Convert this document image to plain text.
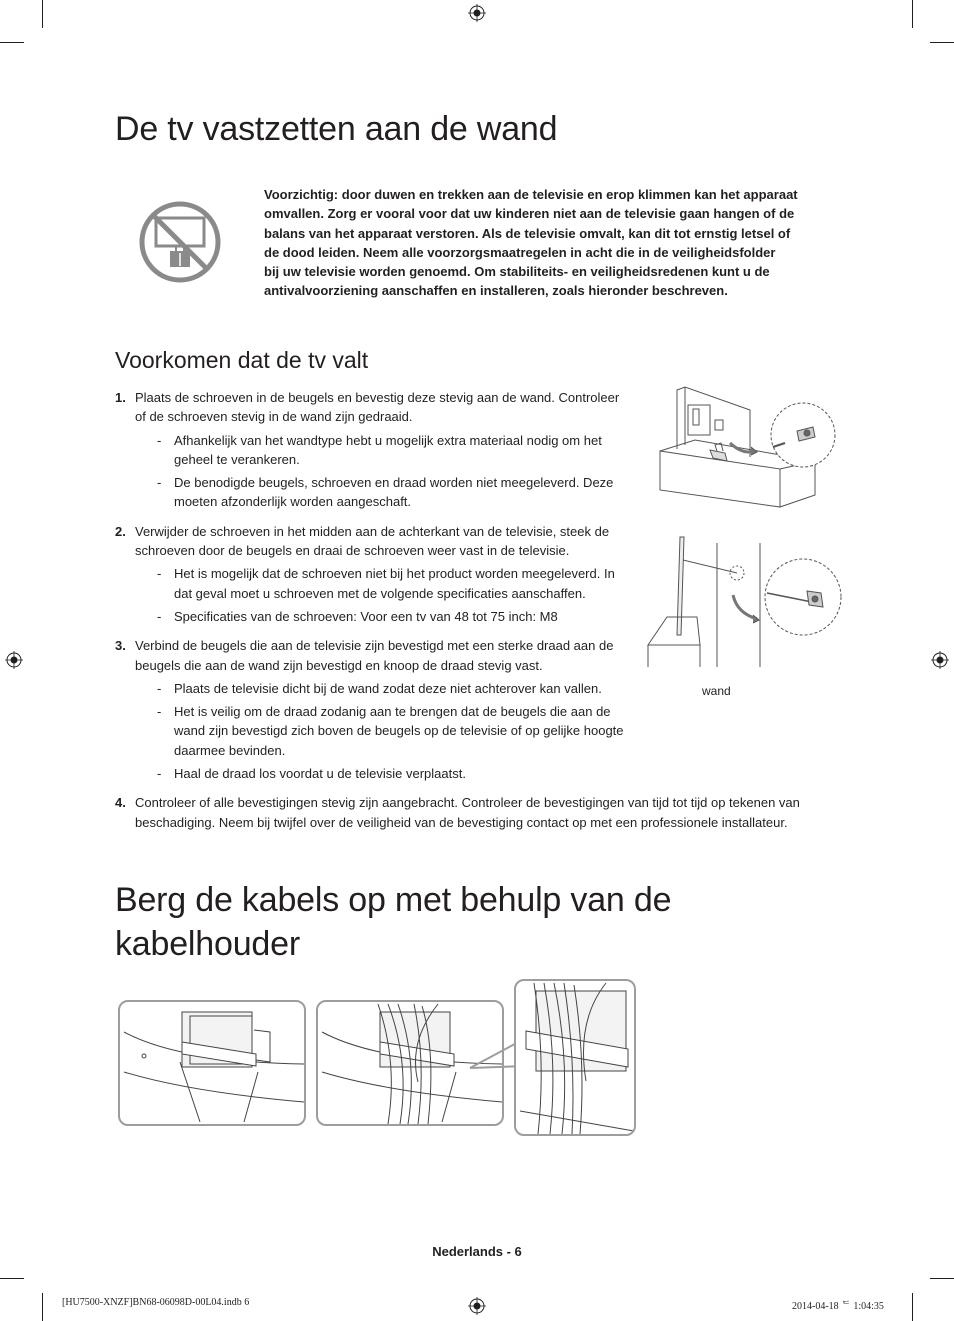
De tv vastzetten aan de wand
Voorzichtig: door duwen en trekken aan de televisie en erop klimmen kan het apparaat
omvallen. Zorg er vooral voor dat uw kinderen niet aan de televisie gaan hangen of de
balans van het apparaat verstoren. Als de televisie omvalt, kan dit tot ernstig letsel of
de dood leiden. Neem alle voorzorgsmaatregelen in acht die in de veiligheidsfolder
bij uw televisie worden genoemd. Om stabiliteits- en veiligheidsredenen kunt u de
antivalvoorziening aanschaffen en installeren, zoals hieronder beschreven.
Voorkomen dat de tv valt
1. Plaats de schroeven in de beugels en bevestig deze stevig aan de wand. Controleer
of de schroeven stevig in de wand zijn gedraaid.
- Afhankelijk van het wandtype hebt u mogelijk extra materiaal nodig om het
geheel te verankeren.
- De benodigde beugels, schroeven en draad worden niet meegeleverd. Deze
moeten afzonderlijk worden aangeschaft.
2. Verwijder de schroeven in het midden aan de achterkant van de televisie, steek de
schroeven door de beugels en draai de schroeven weer vast in de televisie.
- Het is mogelijk dat de schroeven niet bij het product worden meegeleverd. In
dat geval moet u schroeven met de volgende specificaties aanschaffen.
- Specificaties van de schroeven: Voor een tv van 48 tot 75 inch: M8
3. Verbind de beugels die aan de televisie zijn bevestigd met een sterke draad aan de
beugels die aan de wand zijn bevestigd en knoop de draad stevig vast.
- Plaats de televisie dicht bij de wand zodat deze niet achterover kan vallen.
- Het is veilig om de draad zodanig aan te brengen dat de beugels die aan de
wand zijn bevestigd zich boven de beugels op de televisie of op gelijke hoogte
daarmee bevinden.
- Haal de draad los voordat u de televisie verplaatst.
4. Controleer of alle bevestigingen stevig zijn aangebracht. Controleer de bevestigingen van tijd tot tijd op tekenen van
beschadiging. Neem bij twijfel over de veiligheid van de bevestiging contact op met een professionele installateur.
wand
Berg de kabels op met behulp van de
kabelhouder
Nederlands - 6
[HU7500-XNZF]BN68-06098D-00L04.indb 6	2014-04-18 ᄃ 1:04:35
